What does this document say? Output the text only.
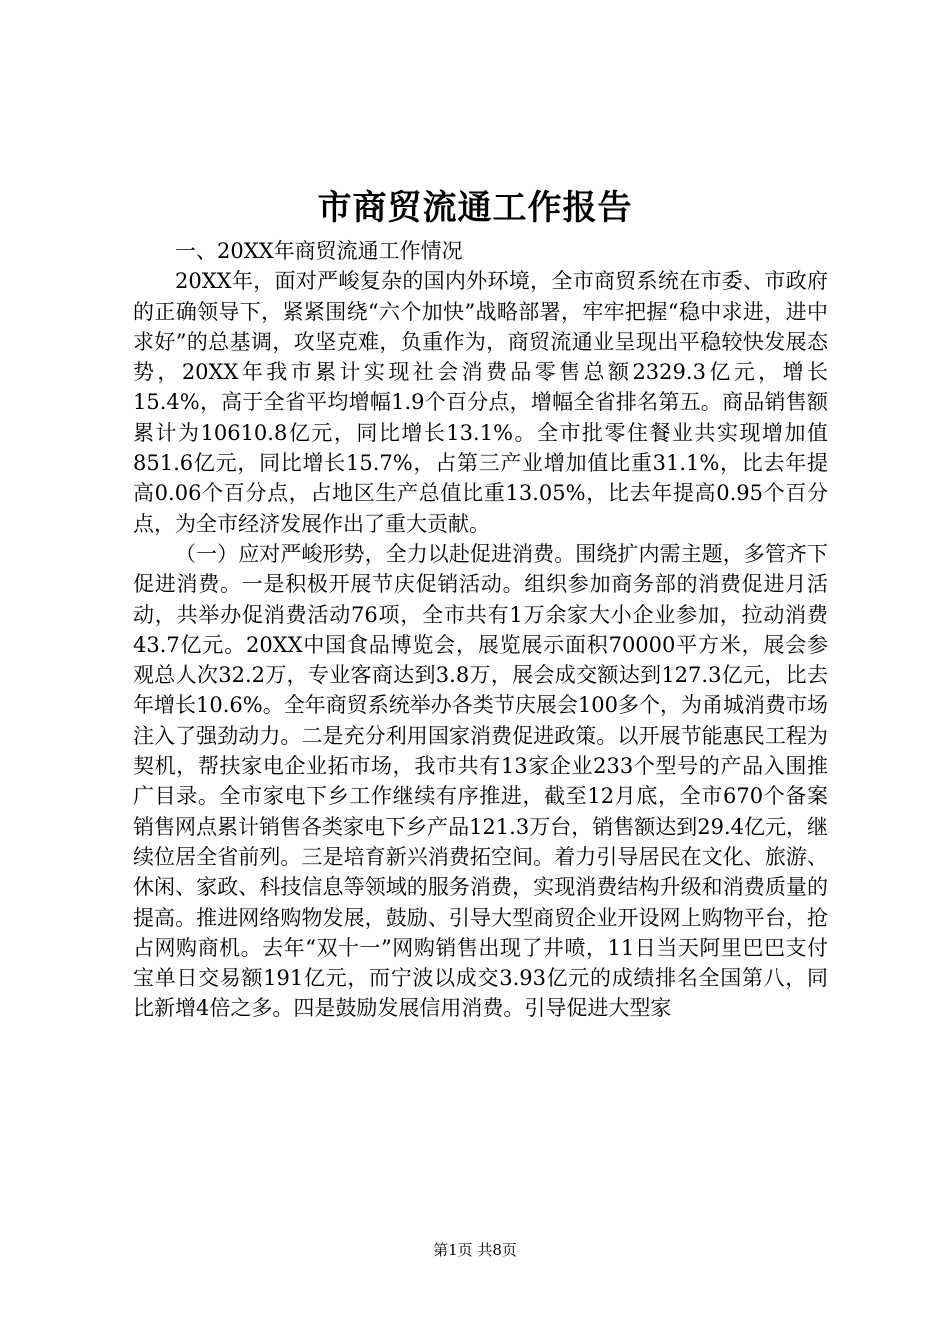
市商贸流通工作报告

一、20XX年商贸流通工作情况

20XX年，面对严峻复杂的国内外环境，全市商贸系统在市委、市政府的正确领导下，紧紧围绕“六个加快”战略部署，牢牢把握“稳中求进，进中求好”的总基调，攻坚克难，负重作为，商贸流通业呈现出平稳较快发展态势，20XX年我市累计实现社会消费品零售总额2329.3亿元，增长15.4%，高于全省平均增幅1.9个百分点，增幅全省排名第五。商品销售额累计为10610.8亿元，同比增长13.1%。全市批零住餐业共实现增加值851.6亿元，同比增长15.7%，占第三产业增加值比重31.1%，比去年提高0.06个百分点，占地区生产总值比重13.05%，比去年提高0.95个百分点，为全市经济发展作出了重大贡献。

（一）应对严峻形势，全力以赴促进消费。围绕扩内需主题，多管齐下促进消费。一是积极开展节庆促销活动。组织参加商务部的消费促进月活动，共举办促消费活动76项，全市共有1万余家大小企业参加，拉动消费43.7亿元。20XX中国食品博览会，展览展示面积70000平方米，展会参观总人次32.2万，专业客商达到3.8万，展会成交额达到127.3亿元，比去年增长10.6%。全年商贸系统举办各类节庆展会100多个，为甬城消费市场注入了强劲动力。二是充分利用国家消费促进政策。以开展节能惠民工程为契机，帮扶家电企业拓市场，我市共有13家企业233个型号的产品入围推广目录。全市家电下乡工作继续有序推进，截至12月底，全市670个备案销售网点累计销售各类家电下乡产品121.3万台，销售额达到29.4亿元，继续位居全省前列。三是培育新兴消费拓空间。着力引导居民在文化、旅游、休闲、家政、科技信息等领域的服务消费，实现消费结构升级和消费质量的提高。推进网络购物发展，鼓励、引导大型商贸企业开设网上购物平台，抢占网购商机。去年“双十一”网购销售出现了井喷，11日当天阿里巴巴支付宝单日交易额191亿元，而宁波以成交3.93亿元的成绩排名全国第八，同比新增4倍之多。四是鼓励发展信用消费。引导促进大型家

第1页 共8页
